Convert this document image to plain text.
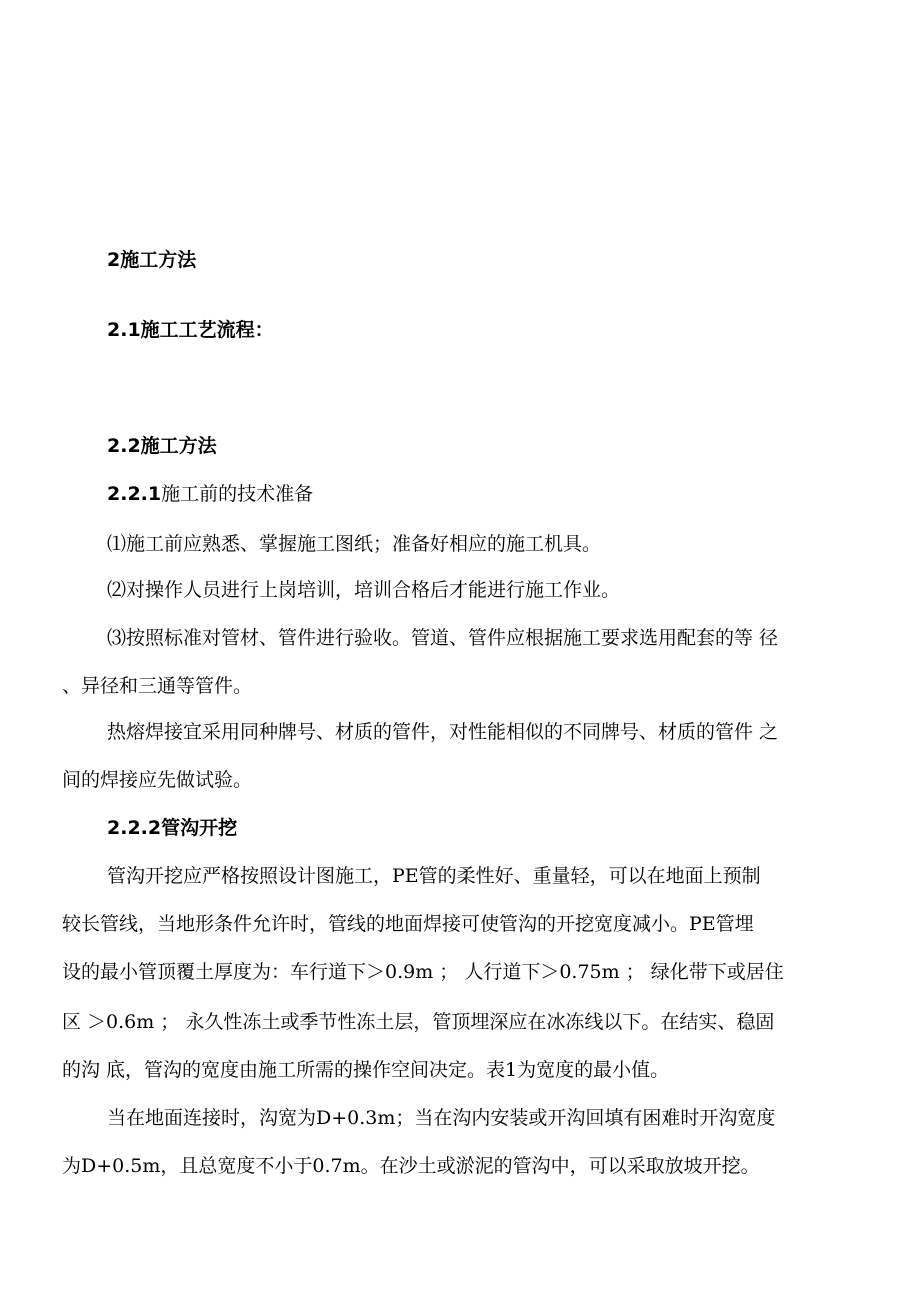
2施工方法

2.1施工工艺流程：

2.2施工方法

2.2.1施工前的技术准备

⑴施工前应熟悉、掌握施工图纸；准备好相应的施工机具。

⑵对操作人员进行上岗培训，培训合格后才能进行施工作业。

⑶按照标准对管材、管件进行验收。管道、管件应根据施工要求选用配套的等 径

、异径和三通等管件。

热熔焊接宜采用同种牌号、材质的管件，对性能相似的不同牌号、材质的管件 之

间的焊接应先做试验。

2.2.2管沟开挖

管沟开挖应严格按照设计图施工，PE管的柔性好、重量轻，可以在地面上预制

较长管线，当地形条件允许时，管线的地面焊接可使管沟的开挖宽度减小。PE管埋

设的最小管顶覆土厚度为：车行道下＞0.9m ； 人行道下＞0.75m ； 绿化带下或居住

区 ＞0.6m ； 永久性冻土或季节性冻土层，管顶埋深应在冰冻线以下。在结实、稳固

的沟 底，管沟的宽度由施工所需的操作空间决定。表1为宽度的最小值。

当在地面连接时，沟宽为D+0.3m；当在沟内安装或开沟回填有困难时开沟宽度

为D+0.5m，且总宽度不小于0.7m。在沙土或淤泥的管沟中，可以采取放坡开挖。
